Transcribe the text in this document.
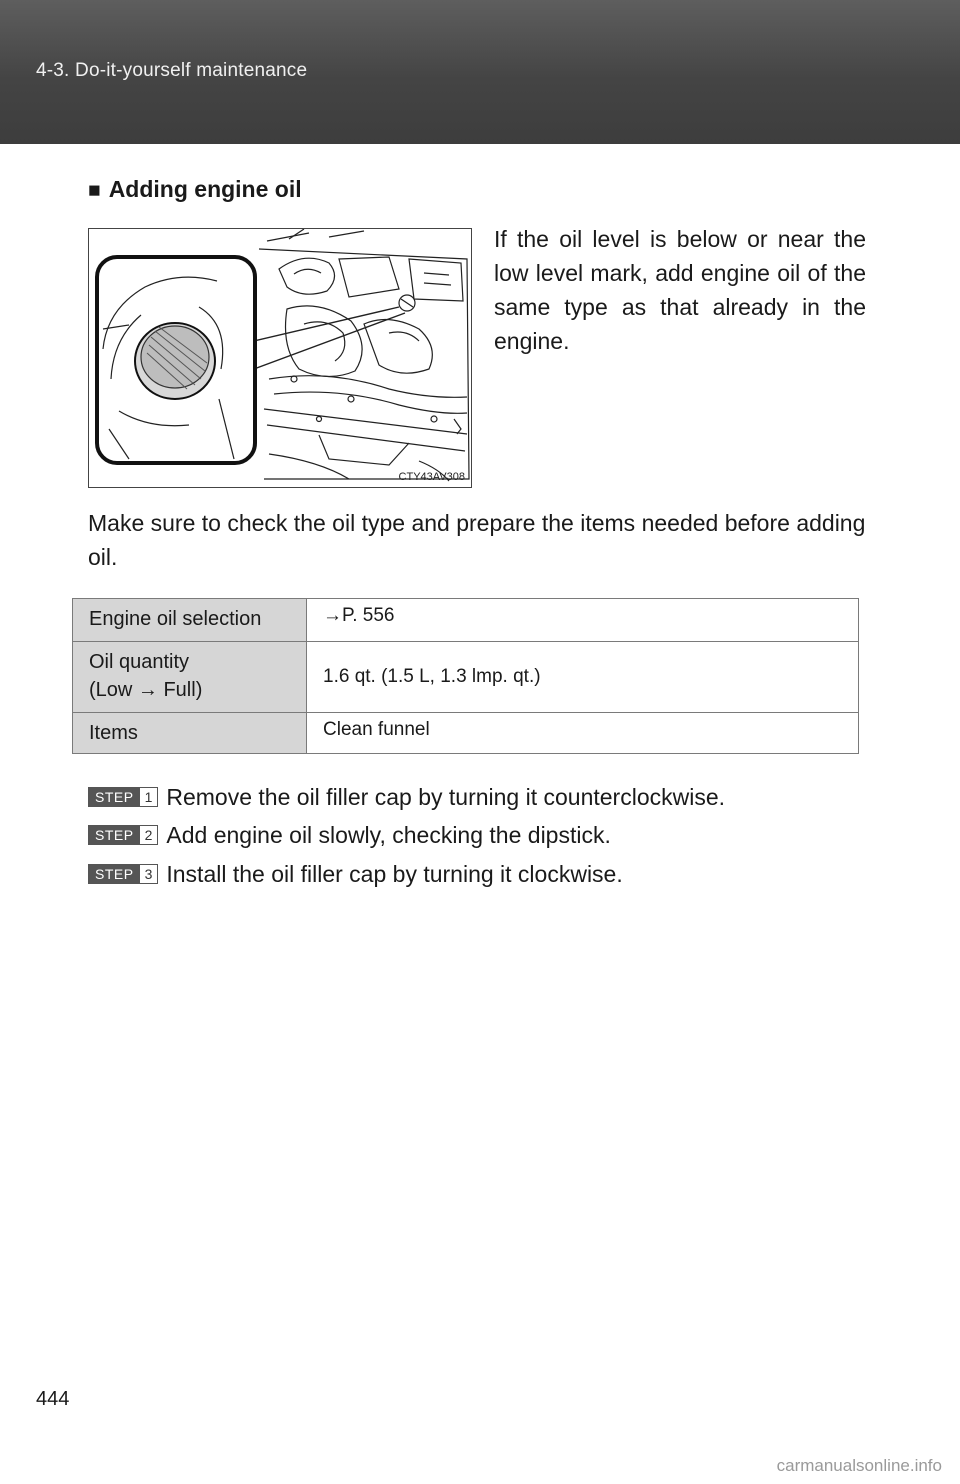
4-3. Do-it-yourself maintenance
■ Adding engine oil
CTY43AV308
If the oil level is below or near the low level mark, add engine oil of the same type as that already in the engine.
Make sure to check the oil type and prepare the items needed before adding oil.
Engine oil selection	→P. 556

Oil quantity
(Low → Full)	1.6 qt. (1.5 L, 1.3 lmp. qt.)
Items	Clean funnel
STEP 1 Remove the oil filler cap by turning it counterclockwise.
STEP 2 Add engine oil slowly, checking the dipstick.
STEP 3 Install the oil filler cap by turning it clockwise.
444
carmanualsonline.info
